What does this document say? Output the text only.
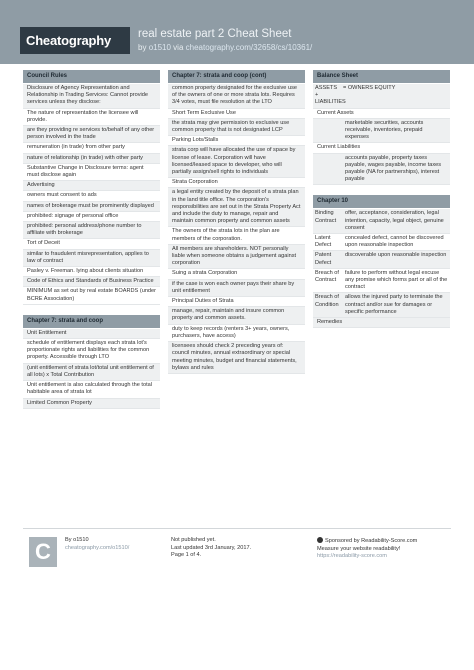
Cheatography	real estate part 2 Cheat Sheet
by o1510 via cheatography.com/32658/cs/10361/
Council Rules
Disclosure of Agency Representation and Relationship in Trading Services: Cannot provide services unless they disclose:
The nature of representation the licensee will provide.
are they providing re services to/behalf of any other person involved in the trade
remuneration (in trade) from other party
nature of relationship (in trade) with other party
Substantive Change in Disclosure terms: agent must disclose again
Advertising
owners must consent to ads
names of brokerage must be prominently displayed
prohibited: signage of personal office
prohibited: personal address/phone number to affiliate with brokerage
Tort of Deceit
similar to fraudulent misrepresentation, applies to law of contract
Pasley v. Freeman. lying about clients situation
Code of Ethics and Standards of Business Practice
MINIMUM as set out by real estate BOARDS (under BCRE Association)
Chapter 7: strata and coop
Unit Entitlement
schedule of entitlement displays each strata lot's proportionate rights and liabilities for the common property. Accessible through LTO
(unit entitlement of strata lot/total unit entitlement of all lots) x Total Contribution
Unit entitlement is also calculated through the total habitable area of strata lot
Limited Common Property
Chapter 7: strata and coop (cont)
common property designated for the exclusive use of the owners of one or more strata lots. Requires 3/4 votes, must file resolution at the LTO
Short Term Exclusive Use
the strata may give permission to exclusive use common property that is not designated LCP
Parking Lots/Stalls
strata corp will have allocated the use of space by license of lease. Corporation will have licensed/leased space to developer, who will partially assign/sell rights to individuals
Strata Corporation
a legal entity created by the deposit of a strata plan in the land title office. The corporation's responsibilities are set out in the Strata Property Act and include the duty to manage, repair and maintain common property and common assets
The owners of the strata lots in the plan are members of the corporation.
All members are shareholders. NOT personally liable when someone obtains a judgement against corporation
Suing a strata Corporation
if the case is won each owner pays their share by unit entitlement
Principal Duties of Strata
manage, repair, maintain and insure common property and common assets.
duty to keep records (renters 3+ years, owners, purchasers, have access)
licensees should check 2 preceding years of: council minutes, annual extraordinary or special meeting minutes, budget and financial statements, bylaws and rules
Balance Sheet
ASSETS + LIABILITIES
= OWNERS EQUITY
Current Assets
marketable securities, accounts receivable, inventories, prepaid expenses
Current Liabilities
accounts payable, property taxes payable, wages payable, income taxes payable (NA for partnerships), interest payable
Chapter 10
Binding Contract
offer, acceptance, consideration, legal intention, capacity, legal object, genuine consent
Latent Defect
concealed defect, cannot be discovered upon reasonable inspection
Patent Defect
discoverable upon reasonable inspection
Breach of Contract
failure to perform without legal excuse any promise which forms part or all of the contract
Breach of Condition
allows the injured party to terminate the contract and/or sue for damages or specific performance
Remedies
C	By o1510
cheatography.com/o1510/
Not published yet.
Last updated 3rd January, 2017.
Page 1 of 4.
Sponsored by Readability-Score.com
Measure your website readability!
https://readability-score.com
